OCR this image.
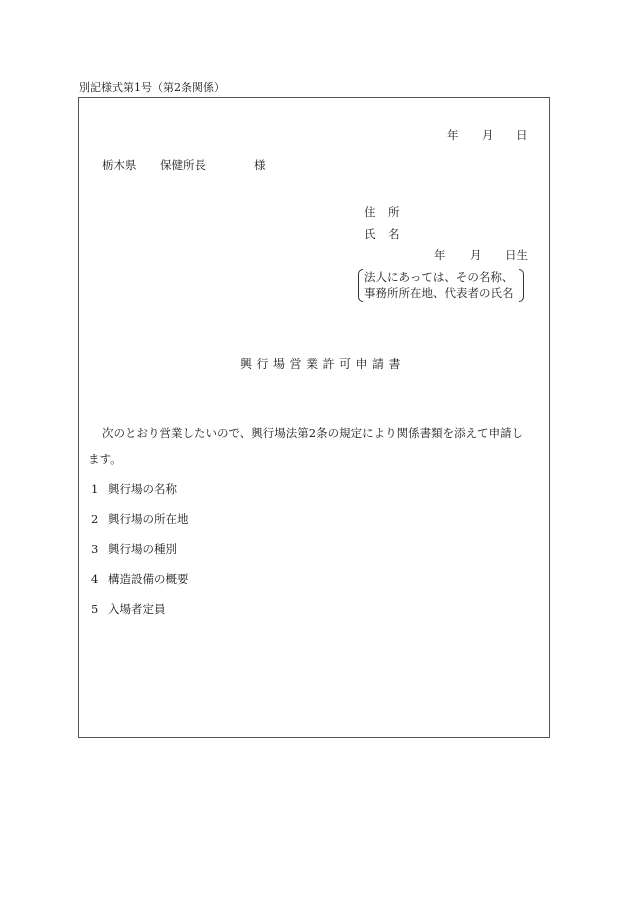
別記様式第1号（第2条関係）
年 月 日
栃木県 保健所長	様
住 所
氏 名
年 月 日生
法人にあっては、その名称、
事務所所在地、代表者の氏名
興行場営業許可申請書
次のとおり営業したいので、興行場法第2条の規定により関係書類を添えて申請し
ます。
1 興行場の名称
2 興行場の所在地
3 興行場の種別
4 構造設備の概要
5 入場者定員
